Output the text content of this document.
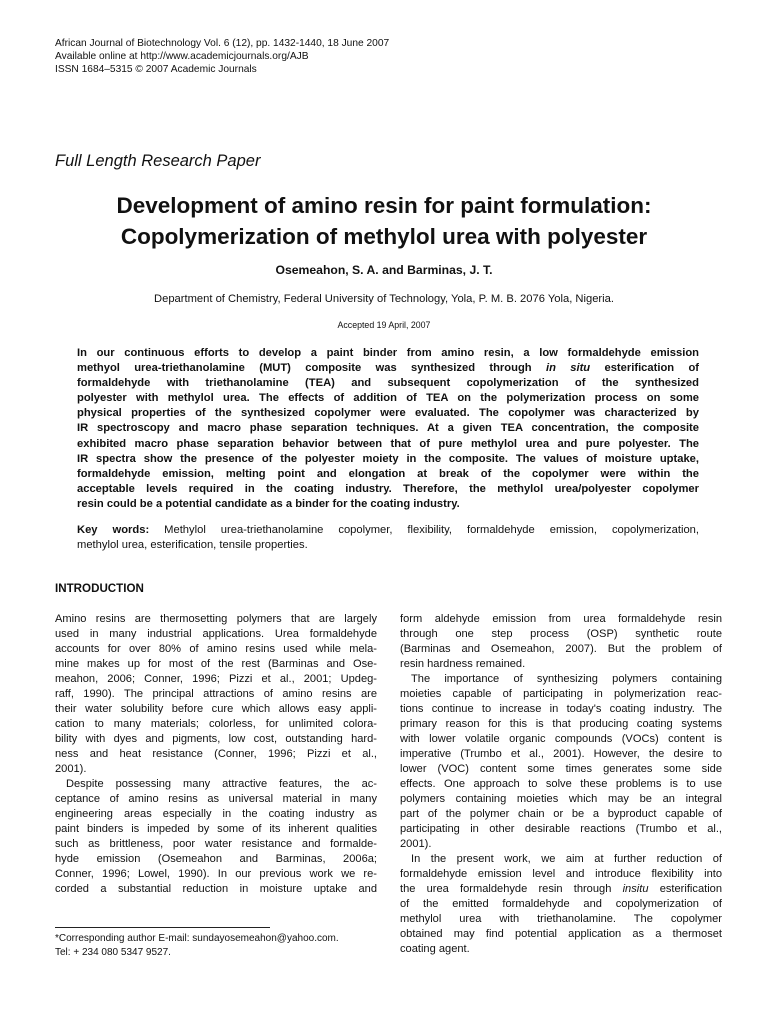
African Journal of Biotechnology Vol. 6 (12), pp. 1432-1440, 18 June 2007
Available online at http://www.academicjournals.org/AJB
ISSN 1684–5315 © 2007 Academic Journals
Full Length Research Paper
Development of amino resin for paint formulation:
Copolymerization of methylol urea with polyester
Osemeahon, S. A. and Barminas, J. T.
Department of Chemistry, Federal University of Technology, Yola, P. M. B. 2076 Yola, Nigeria.
Accepted 19 April, 2007
In our continuous efforts to develop a paint binder from amino resin, a low formaldehyde emission
methyol urea-triethanolamine (MUT) composite was synthesized through in situ esterification of
formaldehyde with triethanolamine (TEA) and subsequent copolymerization of the synthesized
polyester with methylol urea. The effects of addition of TEA on the polymerization process on some
physical properties of the synthesized copolymer were evaluated. The copolymer was characterized by
IR spectroscopy and macro phase separation techniques. At a given TEA concentration, the composite
exhibited macro phase separation behavior between that of pure methylol urea and pure polyester. The
IR spectra show the presence of the polyester moiety in the composite. The values of moisture uptake,
formaldehyde emission, melting point and elongation at break of the copolymer were within the
acceptable levels required in the coating industry. Therefore, the methylol urea/polyester copolymer
resin could be a potential candidate as a binder for the coating industry.
Key words: Methylol urea-triethanolamine copolymer, flexibility, formaldehyde emission, copolymerization,
methylol urea, esterification, tensile properties.
INTRODUCTION
Amino resins are thermosetting polymers that are largely
used in many industrial applications. Urea formaldehyde
accounts for over 80% of amino resins used while mela-
mine makes up for most of the rest (Barminas and Ose-
meahon, 2006; Conner, 1996; Pizzi et al., 2001; Updeg-
raff, 1990). The principal attractions of amino resins are
their water solubility before cure which allows easy appli-
cation to many materials; colorless, for unlimited colora-
bility with dyes and pigments, low cost, outstanding hard-
ness and heat resistance (Conner, 1996; Pizzi et al.,
2001).
Despite possessing many attractive features, the ac-
ceptance of amino resins as universal material in many
engineering areas especially in the coating industry as
paint binders is impeded by some of its inherent qualities
such as brittleness, poor water resistance and formalde-
hyde emission (Osemeahon and Barminas, 2006a;
Conner, 1996; Lowel, 1990). In our previous work we re-
corded a substantial reduction in moisture uptake and
form aldehyde emission from urea formaldehyde resin
through one step process (OSP) synthetic route
(Barminas and Osemeahon, 2007). But the problem of
resin hardness remained.
The importance of synthesizing polymers containing
moieties capable of participating in polymerization reac-
tions continue to increase in today's coating industry. The
primary reason for this is that producing coating systems
with lower volatile organic compounds (VOCs) content is
imperative (Trumbo et al., 2001). However, the desire to
lower (VOC) content some times generates some side
effects. One approach to solve these problems is to use
polymers containing moieties which may be an integral
part of the polymer chain or be a byproduct capable of
participating in other desirable reactions (Trumbo et al.,
2001).
In the present work, we aim at further reduction of
formaldehyde emission level and introduce flexibility into
the urea formaldehyde resin through insitu esterification
of the emitted formaldehyde and copolymerization of
methylol urea with triethanolamine. The copolymer
obtained may find potential application as a thermoset
coating agent.
*Corresponding author E-mail: sundayosemeahon@yahoo.com.
Tel: + 234 080 5347 9527.
